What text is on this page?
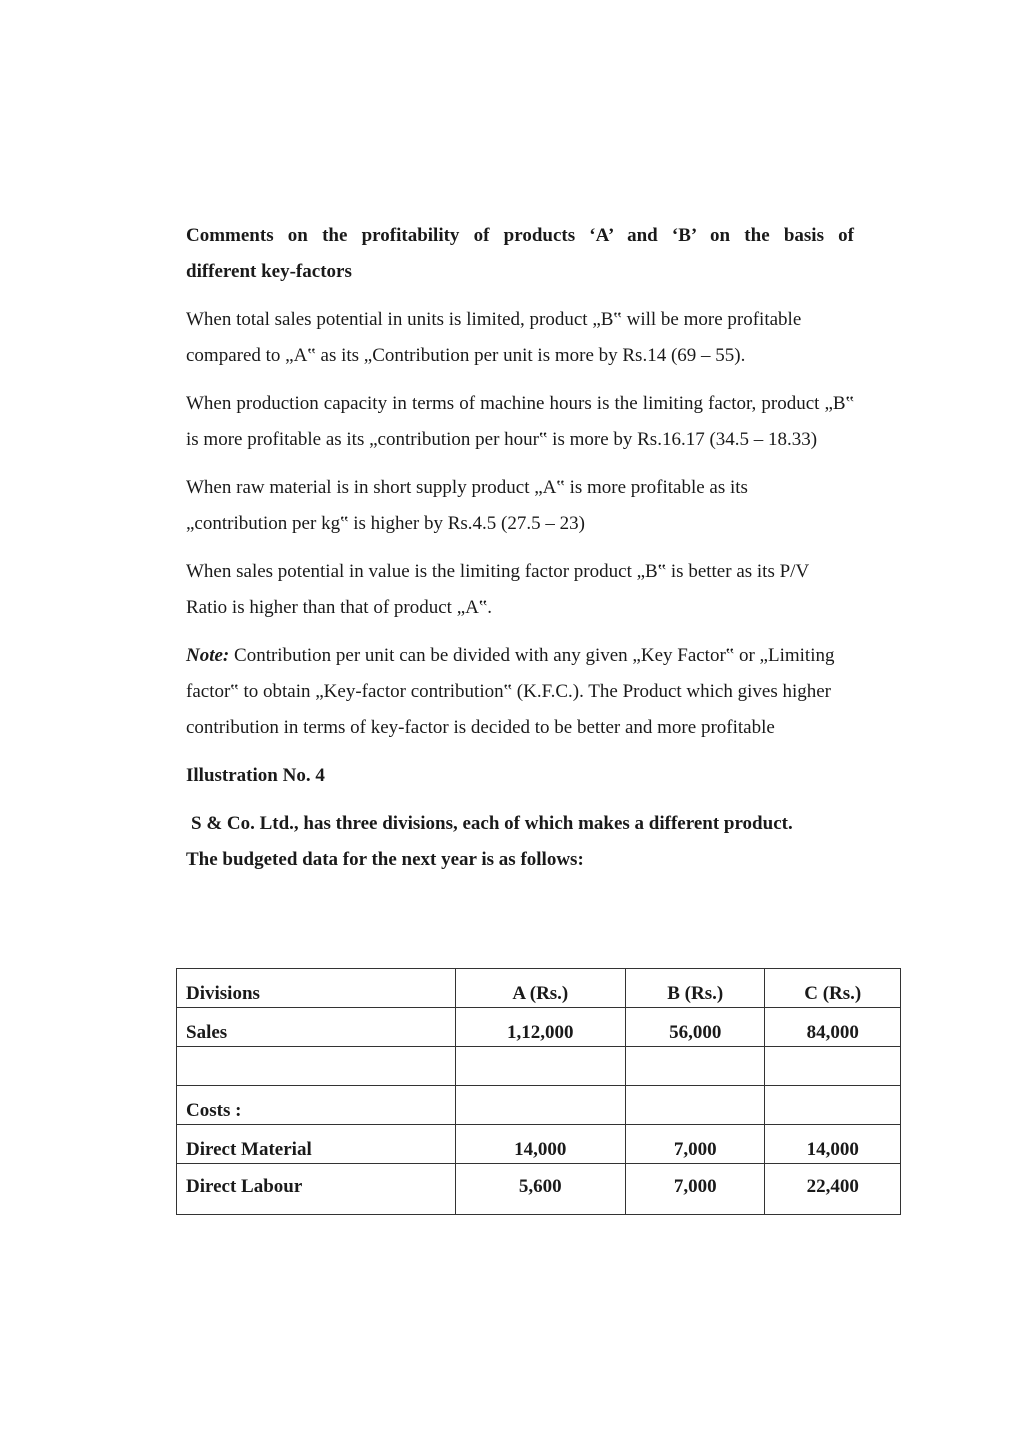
Comments on the profitability of products ‘A’ and ‘B’ on the basis of
different key-factors

When total sales potential in units is limited, product „B‟ will be more profitable compared to „A‟ as its „Contribution per unit is more by Rs.14 (69 – 55).

When production capacity in terms of machine hours is the limiting factor, product „B‟ is more profitable as its „contribution per hour‟ is more by Rs.16.17 (34.5 – 18.33)

When raw material is in short supply product „A‟ is more profitable as its „contribution per kg‟ is higher by Rs.4.5 (27.5 – 23)

When sales potential in value is the limiting factor product „B‟ is better as its P/V Ratio is higher than that of product „A‟.

Note: Contribution per unit can be divided with any given „Key Factor‟ or „Limiting factor‟ to obtain „Key-factor contribution‟ (K.F.C.). The Product which gives higher contribution in terms of key-factor is decided to be better and more profitable

Illustration No. 4
S & Co. Ltd., has three divisions, each of which makes a different product.
The budgeted data for the next year is as follows:
Divisions	A (Rs.)	B (Rs.)	C (Rs.)
Sales	1,12,000	56,000	84,000

Costs :			
Direct Material	14,000	7,000	14,000
Direct Labour	5,600	7,000	22,400
